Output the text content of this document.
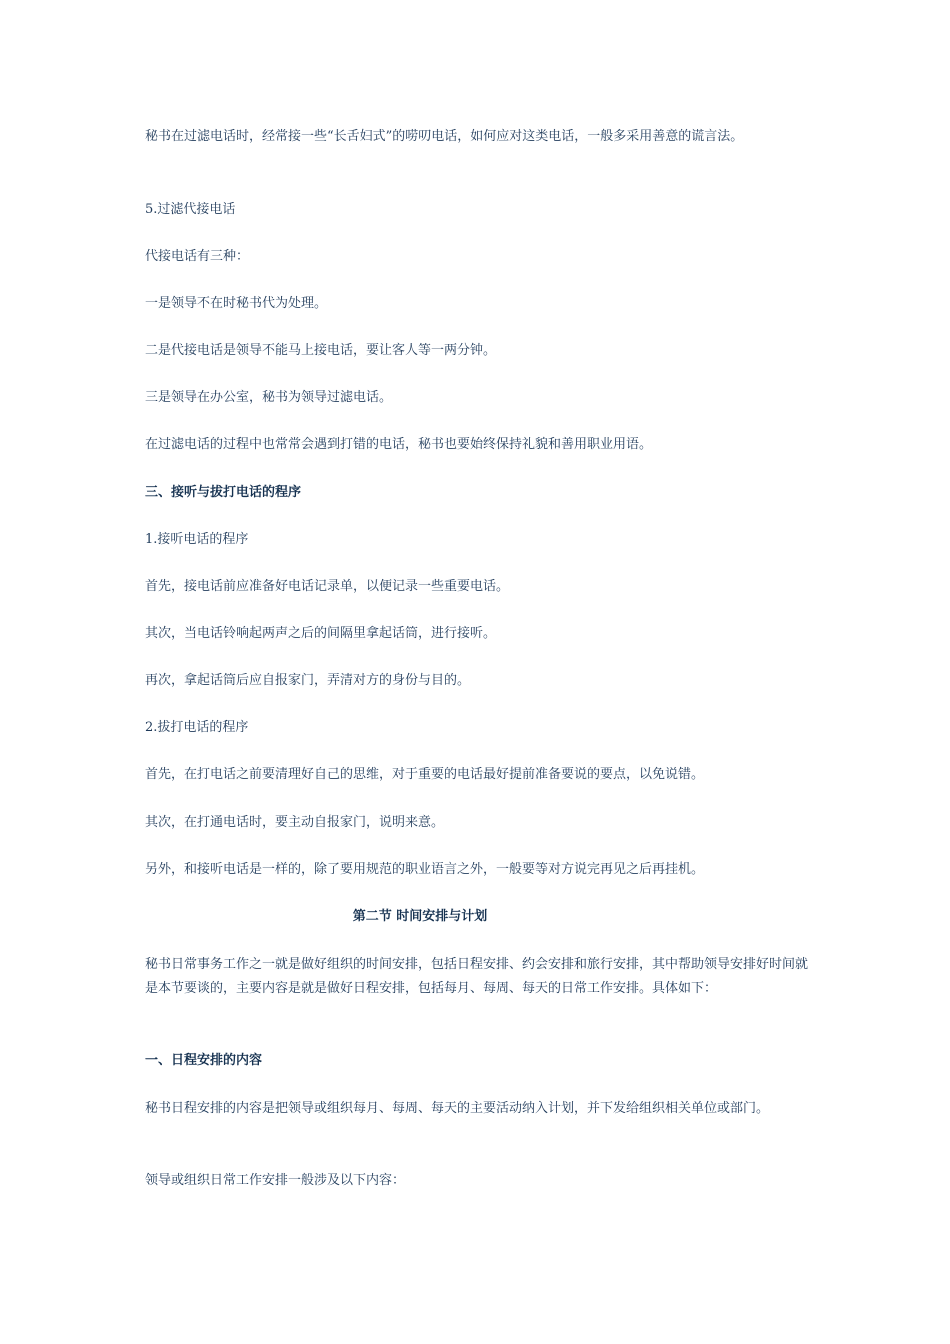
秘书在过滤电话时，经常接一些“长舌妇式”的唠叨电话，如何应对这类电话，一般多采用善意的谎言法。
5.过滤代接电话
代接电话有三种：
一是领导不在时秘书代为处理。
二是代接电话是领导不能马上接电话，要让客人等一两分钟。
三是领导在办公室，秘书为领导过滤电话。
在过滤电话的过程中也常常会遇到打错的电话，秘书也要始终保持礼貌和善用职业用语。
三、接听与拔打电话的程序
1.接听电话的程序
首先，接电话前应准备好电话记录单，以便记录一些重要电话。
其次，当电话铃响起两声之后的间隔里拿起话筒，进行接听。
再次，拿起话筒后应自报家门，弄清对方的身份与目的。
2.拔打电话的程序
首先，在打电话之前要清理好自己的思维，对于重要的电话最好提前准备要说的要点，以免说错。
其次，在打通电话时，要主动自报家门，说明来意。
另外，和接听电话是一样的，除了要用规范的职业语言之外，一般要等对方说完再见之后再挂机。
第二节 时间安排与计划
秘书日常事务工作之一就是做好组织的时间安排，包括日程安排、约会安排和旅行安排，其中帮助领导安排好时间就是本节要谈的，主要内容是就是做好日程安排，包括每月、每周、每天的日常工作安排。具体如下：
一、日程安排的内容
秘书日程安排的内容是把领导或组织每月、每周、每天的主要活动纳入计划，并下发给组织相关单位或部门。
领导或组织日常工作安排一般涉及以下内容：
